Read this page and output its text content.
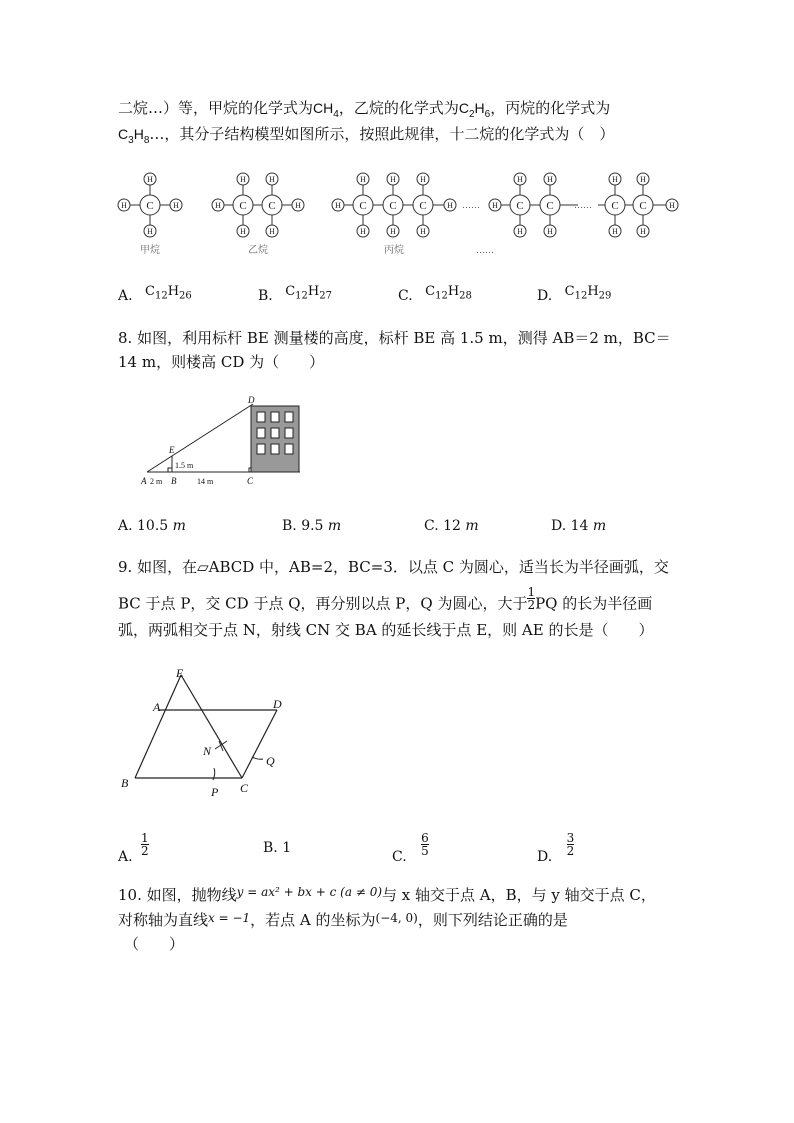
二烷…）等，甲烷的化学式为$CH_4$，乙烷的化学式为$C_2H_6$，丙烷的化学式为
$C_3H_8\dots$，其分子结构模型如图所示，按照此规律，十二烷的化学式为（　）
C
H	H
H
H
C C
H	H
H
H
H
H
C C C
H	H
H
H
H
H
H
H
H C C
H
H
H
H
C C
H
H
H
H
H
……
……
……
甲烷	乙烷	丙烷
A. $C_{12}H_{26}$	B. $C_{12}H_{27}$	C. $C_{12}H_{28}$	D. $C_{12}H_{29}$
8. 如图，利用标杆 BE 测量楼的高度，标杆 BE 高 1.5 m，测得 AB＝2 m，BC＝
14 m，则楼高 CD 为（　　）
D
E
A	B	C
1.5 m
2 m	14 m
A. 10.5 m	B. 9.5 m	C. 12 m	D. 14 m
9. 如图，在▱ABCD 中，AB=2，BC=3．以点 C 为圆心，适当长为半径画弧，交
BC 于点 P，交 CD 于点 Q，再分别以点 P，Q 为圆心，大于 $\frac{1}{2}$ PQ 的长为半径画
弧，两弧相交于点 N，射线 CN 交 BA 的延长线于点 E，则 AE 的长是（　　）
E
A	D
N
Q
B
P C
A. $\frac{1}{2}$	B. 1
C. $\frac{6}{5}$	D. $\frac{3}{2}$
10. 如图，抛物线$^{y = ax^2 + bx + c (a \ne 0)}$与 x 轴交于点 A，B，与 y 轴交于点 C，
对称轴为直线$^{x = -1}$，若点 A 的坐标为$^{(-4, 0)}$，则下列结论正确的是
（　　）
